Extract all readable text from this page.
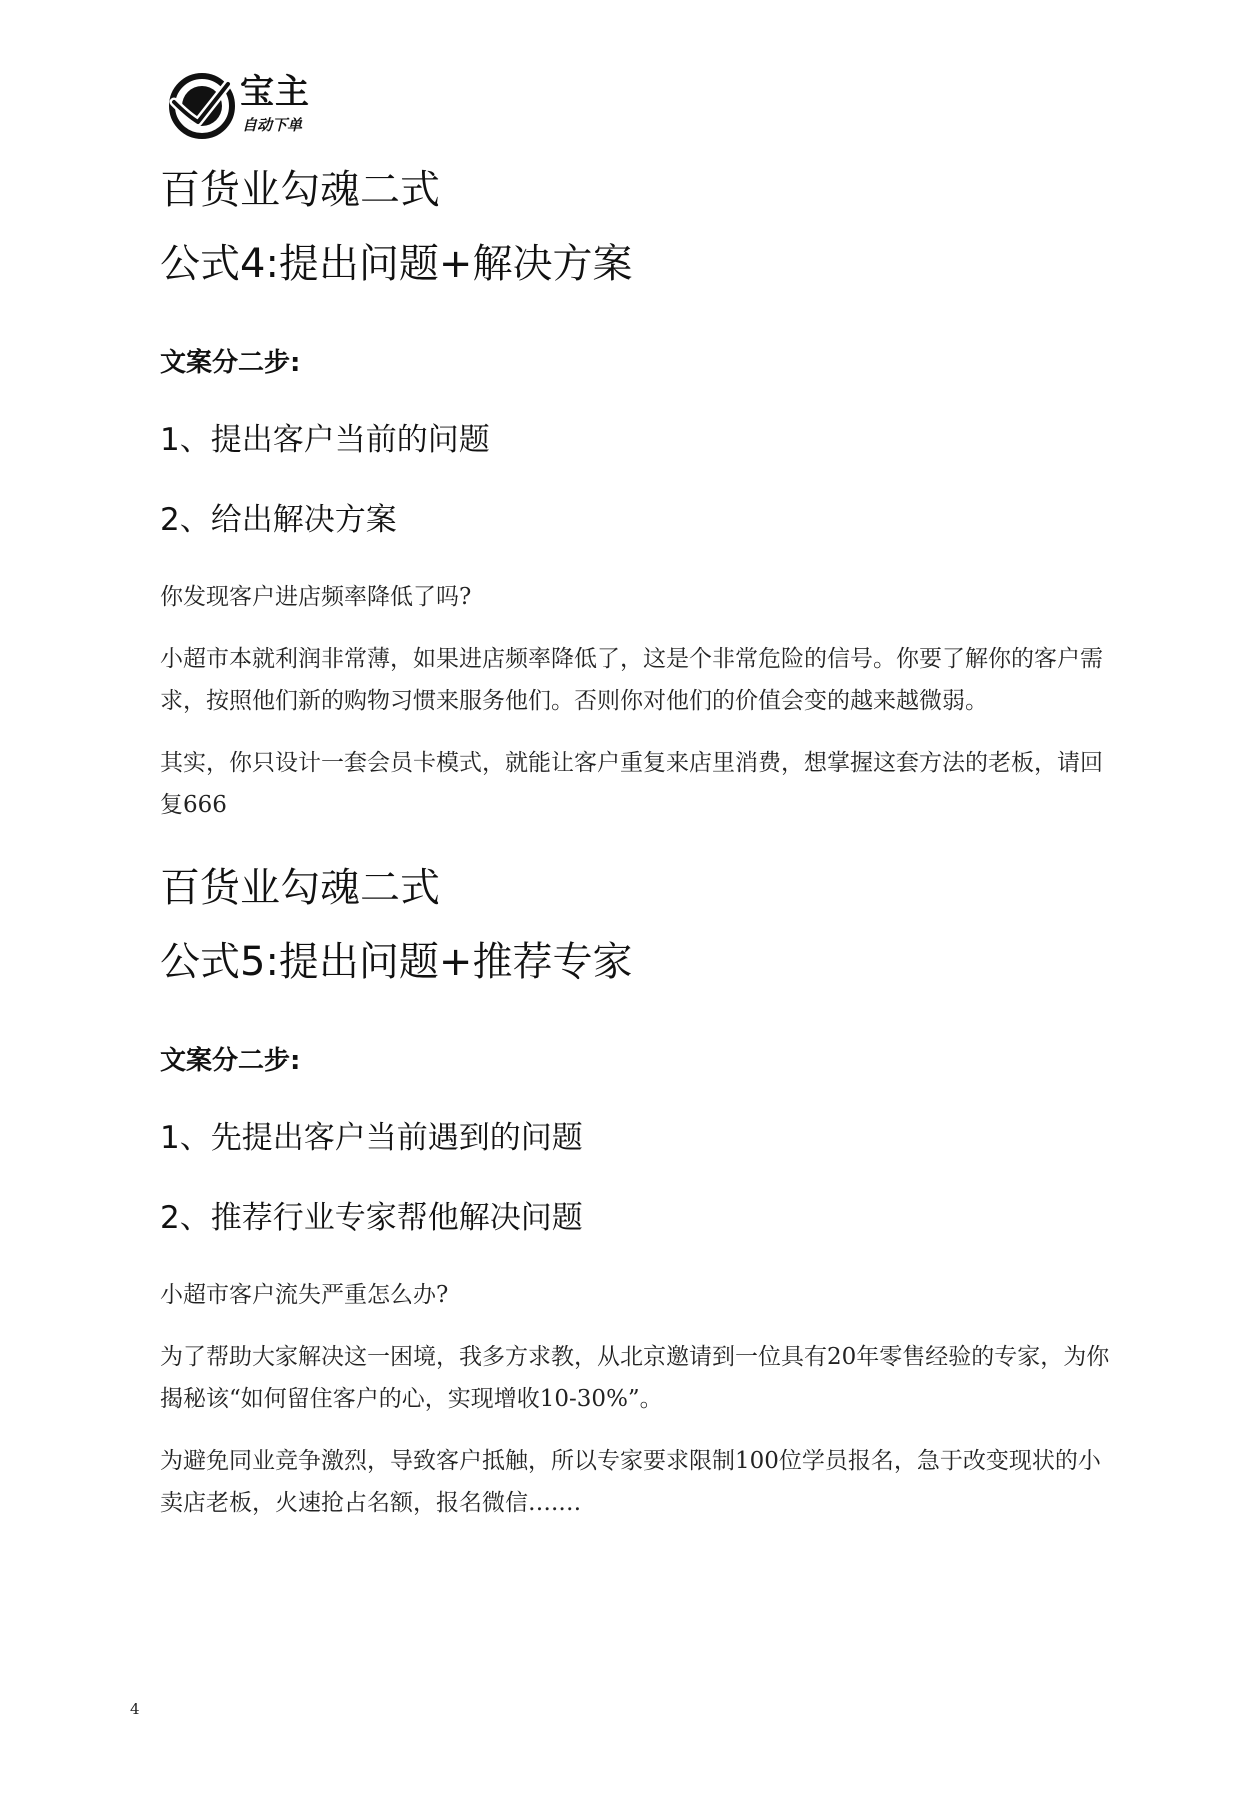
宝主
自动下单
百货业勾魂二式
公式4:提出问题+解决方案
文案分二步:
1、提出客户当前的问题
2、给出解决方案

你发现客户进店频率降低了吗?

小超市本就利润非常薄，如果进店频率降低了，这是个非常危险的信号。你要了解你的客户需求，按照他们新的购物习惯来服务他们。否则你对他们的价值会变的越来越微弱。

其实，你只设计一套会员卡模式，就能让客户重复来店里消费，想掌握这套方法的老板，请回复666

百货业勾魂二式
公式5:提出问题+推荐专家
文案分二步:
1、先提出客户当前遇到的问题
2、推荐行业专家帮他解决问题

小超市客户流失严重怎么办?

为了帮助大家解决这一困境，我多方求教，从北京邀请到一位具有20年零售经验的专家，为你揭秘该“如何留住客户的心，实现增收10-30%”。

为避免同业竞争激烈，导致客户抵触，所以专家要求限制100位学员报名，急于改变现状的小卖店老板，火速抢占名额，报名微信….…

4
